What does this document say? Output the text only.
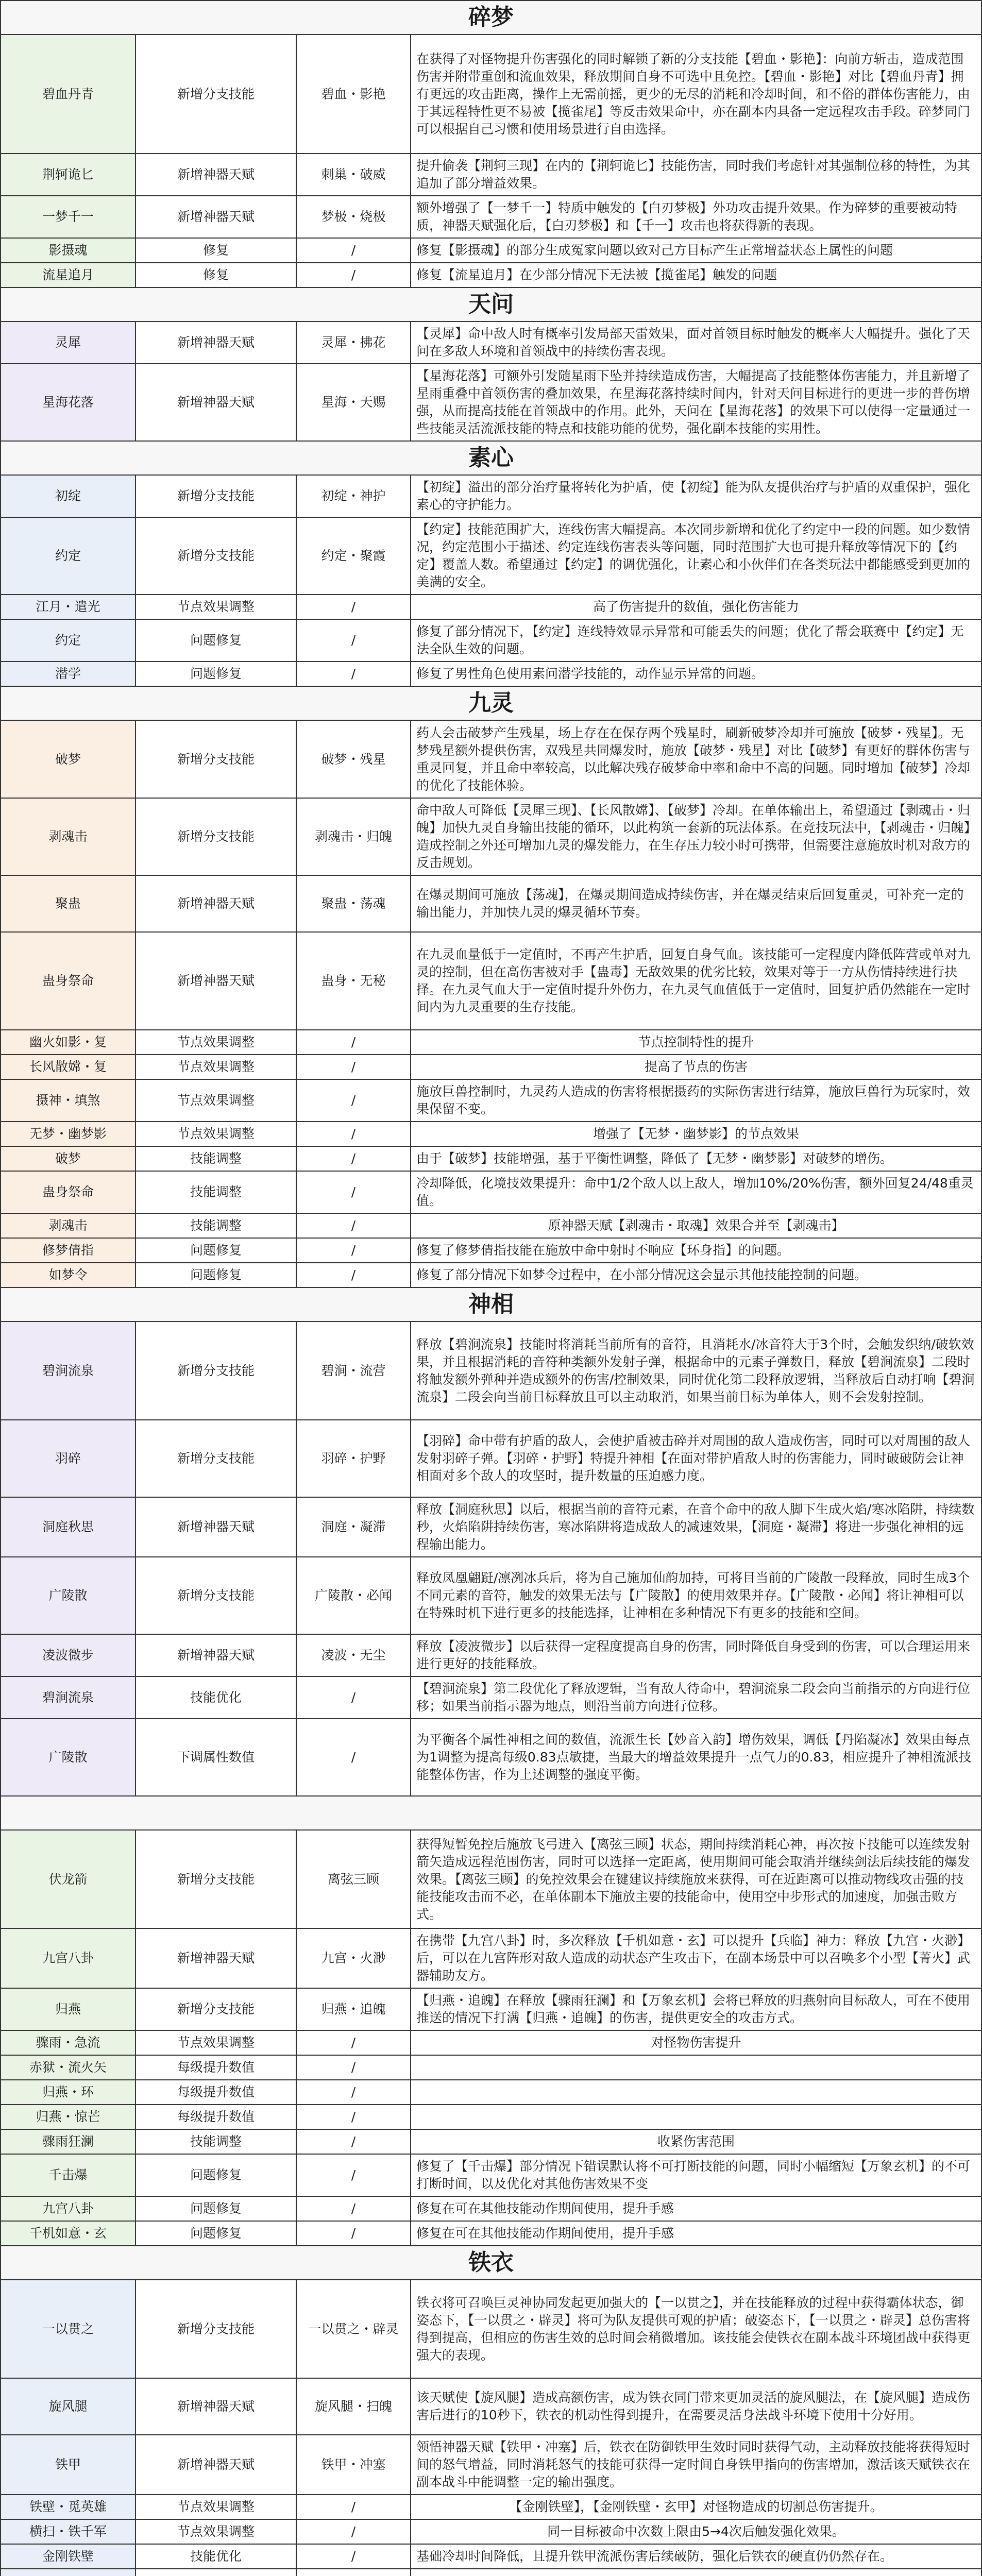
碎梦
碧血丹青	新增分支技能	碧血・影艳	在获得了对怪物提升伤害强化的同时解锁了新的分支技能【碧血・影艳】：向前方斩击，造成范围伤害并附带重创和流血效果，释放期间自身不可选中且免控。【碧血・影艳】对比【碧血丹青】拥有更远的攻击距离，操作上无需前摇，更少的无尽的消耗和冷却时间，和不俗的群体伤害能力，由于其远程特性更不易被【揽雀尾】等反击效果命中，亦在副本内具备一定远程攻击手段。碎梦同门可以根据自己习惯和使用场景进行自由选择。
荆轲诡匕	新增神器天赋	刺巢・破威	提升偷袭【荆轲三现】在内的【荆轲诡匕】技能伤害，同时我们考虑针对其强制位移的特性，为其追加了部分增益效果。
一梦千一	新增神器天赋	梦极・烧极	额外增强了【一梦千一】特质中触发的【白刃梦极】外功攻击提升效果。作为碎梦的重要被动特质，神器天赋强化后，【白刃梦极】和【千一】攻击也将获得新的表现。
影摄魂	修复	/	修复【影摄魂】的部分生成冤家问题以致对己方目标产生正常增益状态上属性的问题
流星追月	修复	/	修复【流星追月】在少部分情况下无法被【揽雀尾】触发的问题
天问
灵犀	新增神器天赋	灵犀・拂花	【灵犀】命中敌人时有概率引发局部天雷效果，面对首领目标时触发的概率大大幅提升。强化了天问在多敌人环境和首领战中的持续伤害表现。
星海花落	新增神器天赋	星海・天赐	【星海花落】可额外引发随星雨下坠并持续造成伤害，大幅提高了技能整体伤害能力，并且新增了星雨重叠中首领伤害的叠加效果，在星海花落持续时间内，针对天问目标进行的更进一步的普伤增强，从而提高技能在首领战中的作用。此外，天问在【星海花落】的效果下可以使得一定量通过一些技能灵活流派技能的特点和技能功能的优势，强化副本技能的实用性。
素心
初绽	新增分支技能	初绽・神护	【初绽】溢出的部分治疗量将转化为护盾，使【初绽】能为队友提供治疗与护盾的双重保护，强化素心的守护能力。
约定	新增分支技能	约定・聚霞	【约定】技能范围扩大，连线伤害大幅提高。本次同步新增和优化了约定中一段的问题。如少数情况，约定范围小于描述、约定连线伤害表头等问题，同时范围扩大也可提升释放等情况下的【约定】覆盖人数。希望通过【约定】的调优强化，让素心和小伙伴们在各类玩法中都能感受到更加的美满的安全。
江月・遣光	节点效果调整	/	高了伤害提升的数值，强化伤害能力
约定	问题修复	/	修复了部分情况下，【约定】连线特效显示异常和可能丢失的问题；优化了帮会联赛中【约定】无法全队生效的问题。
潜学	问题修复	/	修复了男性角色使用素问潜学技能的，动作显示异常的问题。
九灵
破梦	新增分支技能	破梦・残星	药人会击破梦产生残星，场上存在在保存两个残星时，刷新破梦冷却并可施放【破梦・残星】。无梦残星额外提供伤害，双残星共同爆发时，施放【破梦・残星】对比【破梦】有更好的群体伤害与重灵回复，并且命中率较高，以此解决残存破梦命中率和命中不高的问题。同时增加【破梦】冷却的优化了技能体验。
剥魂击	新增分支技能	剥魂击・归魄	命中敌人可降低【灵犀三现】、【长风散嫦】、【破梦】冷却。在单体输出上，希望通过【剥魂击・归魄】加快九灵自身输出技能的循环，以此构筑一套新的玩法体系。在竞技玩法中，【剥魂击・归魄】造成控制之外还可增加九灵的爆发能力，在生存压力较小时可携带，但需要注意施放时机对敌方的反击规划。
聚蛊	新增神器天赋	聚蛊・荡魂	在爆灵期间可施放【荡魂】，在爆灵期间造成持续伤害，并在爆灵结束后回复重灵，可补充一定的输出能力，并加快九灵的爆灵循环节奏。
蛊身祭命	新增神器天赋	蛊身・无秘	在九灵血量低于一定值时，不再产生护盾，回复自身气血。该技能可一定程度内降低阵营或单对九灵的控制，但在高伤害被对手【蛊毒】无敌效果的优劣比较，效果对等于一方从伤情持续进行抉择。在九灵气血大于一定值时提升外伤力，在九灵气血值低于一定值时，回复护盾仍然能在一定时间内为九灵重要的生存技能。
幽火如影・复	节点效果调整	/	节点控制特性的提升
长风散嫦・复	节点效果调整	/	提高了节点的伤害
摄神・填煞	节点效果调整	/	施放巨兽控制时，九灵药人造成的伤害将根据摄药的实际伤害进行结算，施放巨兽行为玩家时，效果保留不变。
无梦・幽梦影	节点效果调整	/	增强了【无梦・幽梦影】的节点效果
破梦	技能调整	/	由于【破梦】技能增强，基于平衡性调整，降低了【无梦・幽梦影】对破梦的增伤。
蛊身祭命	技能调整	/	冷却降低，化境技效果提升：命中1/2个敌人以上敌人，增加10%/20%伤害，额外回复24/48重灵值。
剥魂击	技能调整	/	原神器天赋【剥魂击・取魂】效果合并至【剥魂击】
修梦倩指	问题修复	/	修复了修梦倩指技能在施放中命中射时不响应【环身指】的问题。
如梦令	问题修复	/	修复了部分情况下如梦令过程中，在小部分情况这会显示其他技能控制的问题。
神相
碧涧流泉	新增分支技能	碧涧・流营	释放【碧涧流泉】技能时将消耗当前所有的音符，且消耗水/冰音符大于3个时，会触发织纳/破软效果，并且根据消耗的音符种类额外发射子弹，根据命中的元素子弹数目，释放【碧涧流泉】二段时将触发额外弹种并造成额外的伤害/控制效果，同时优化第二段释放逻辑，当释放后自动打响【碧涧流泉】二段会向当前目标释放且可以主动取消，如果当前目标为单体人，则不会发射控制。
羽碎	新增分支技能	羽碎・护野	【羽碎】命中带有护盾的敌人，会使护盾被击碎并对周围的敌人造成伤害，同时可以对周围的敌人发射羽碎子弹。【羽碎・护野】特提升神相【在面对带护盾敌人时的伤害能力，同时破破防会让神相面对多个敌人的攻坚时，提升数量的压迫感力度。
洞庭秋思	新增神器天赋	洞庭・凝滞	释放【洞庭秋思】以后，根据当前的音符元素，在音个命中的敌人脚下生成火焰/寒冰陷阱，持续数秒，火焰陷阱持续伤害，寒冰陷阱将造成敌人的减速效果，【洞庭・凝滞】将进一步强化神相的远程输出能力。
广陵散	新增分支技能	广陵散・必闻	释放凤凰翩跹/凛冽冰兵后，将为自己施加仙韵加持，可将目当前的广陵散一段释放，同时生成3个不同元素的音符，触发的效果无法与【广陵散】的使用效果并存。【广陵散・必闻】将让神相可以在特殊时机下进行更多的技能选择，让神相在多种情况下有更多的技能和空间。
凌波微步	新增神器天赋	凌波・无尘	释放【凌波微步】以后获得一定程度提高自身的伤害，同时降低自身受到的伤害，可以合理运用来进行更好的技能释放。
碧涧流泉	技能优化	/	【碧涧流泉】第二段优化了释放逻辑，当有敌人待命中，碧涧流泉二段会向当前指示的方向进行位移；如果当前指示器为地点，则沿当前方向进行位移。
广陵散	下调属性数值	/	为平衡各个属性神相之间的数值，流派生长【妙音入韵】增伤效果，调低【丹陷凝冰】效果由每点为1调整为提高每级0.83点敏捷，当最大的增益效果提升一点气力的0.83，相应提升了神相流派技能整体伤害，作为上述调整的强度平衡。
伏龙箭	新增分支技能	离弦三顾	获得短暂免控后施放飞弓进入【离弦三顾】状态，期间持续消耗心神，再次按下技能可以连续发射箭矢造成远程范围伤害，同时可以选择一定距离，使用期间可能会取消并继续剑法后续技能的爆发效果。【离弦三顾】的免控效果会在键建议持续施放来获得，可在近距离可以推动物线攻击强的技能技能攻击而不必，在单体副本下施放主要的技能命中，使用空中步形式的加速度，加强击败方式。
九宫八卦	新增神器天赋	九宫・火渺	在携带【九宫八卦】时，多次释放【千机如意・玄】可以提升【兵临】神力：释放【九宫・火渺】后，可以在九宫阵形对敌人造成的动状态产生攻击下，在副本场景中可以召唤多个小型【菁火】武器辅助友方。
归燕	新增分支技能	归燕・追魄	【归燕・追魄】在释放【骤雨狂澜】和【万象玄机】会将已释放的归燕射向目标敌人，可在不使用推送的情况下打满【归燕・追魄】的伤害，提供更安全的攻击方式。
骤雨・急流	节点效果调整	/	对怪物伤害提升
赤狱・流火矢	每级提升数值	/	
归燕・环	每级提升数值	/	
归燕・惊芒	每级提升数值	/	
骤雨狂澜	技能调整	/	收紧伤害范围
千击爆	问题修复	/	修复了【千击爆】部分情况下错误默认将不可打断技能的问题，同时小幅缩短【万象玄机】的不可打断时间，以及优化对其他伤害效果不变
九宫八卦	问题修复	/	修复在可在其他技能动作期间使用，提升手感
千机如意・玄	问题修复	/	修复在可在其他技能动作期间使用，提升手感
铁衣
一以贯之	新增分支技能	一以贯之・辟灵	铁衣将可召唤巨灵神协同发起更加强大的【一以贯之】，并在技能释放的过程中获得霸体状态，御姿态下，【一以贯之・辟灵】将可为队友提供可观的护盾；破姿态下，【一以贯之・辟灵】总伤害将得到提高，但相应的伤害生效的总时间会稍微增加。该技能会使铁衣在副本战斗环境团战中获得更强大的表现。
旋风腿	新增神器天赋	旋风腿・扫魄	该天赋使【旋风腿】造成高额伤害，成为铁衣同门带来更加灵活的旋风腿法，在【旋风腿】造成伤害后进行的10秒下，铁衣的机动性得到提升，在需要灵活身法战斗环境下使用十分好用。
铁甲	新增神器天赋	铁甲・冲塞	领悟神器天赋【铁甲・冲塞】后，铁衣在防御铁甲生效时同时获得气动，主动释放技能将获得短时间的怒气增益，同时消耗怒气的技能可获得一定时间自身铁甲指向的伤害增加，激活该天赋铁衣在副本战斗中能调整一定的输出强度。
铁壁・觅英雄	节点效果调整	/	【金刚铁壁】，【金刚铁壁・玄甲】对怪物造成的切割总伤害提升。
横扫・铁千军	节点效果调整	/	同一目标被命中次数上限由5→4次后触发强化效果。
金刚铁壁	技能优化	/	基础冷却时间降低，且提升铁甲流派伤害后续破防，强化后铁衣的硬直仍仍然存在。
